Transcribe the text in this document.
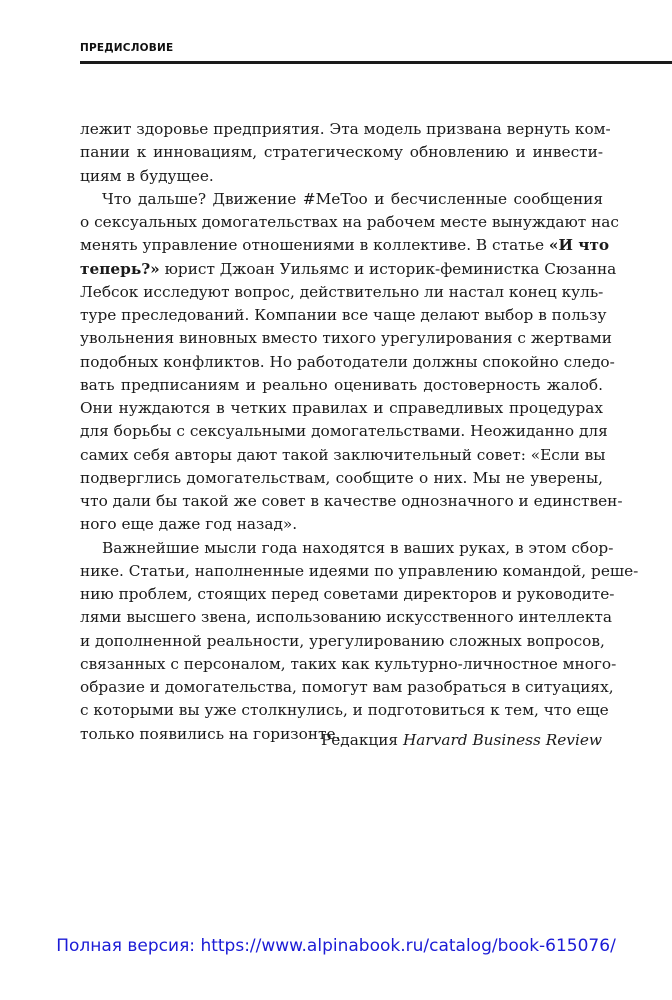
ПРЕДИСЛОВИЕ
лежит здоровье предприятия. Эта модель призвана вернуть ком-
пании к инновациям, стратегическому обновлению и инвести-
циям в будущее.
Что дальше? Движение #MeToo и бесчисленные сообщения
о сексуальных домогательствах на рабочем месте вынуждают нас
менять управление отношениями в коллективе. В статье «И что
теперь?» юрист Джоан Уильямс и историк-феминистка Сюзанна
Лебсок исследуют вопрос, действительно ли настал конец куль-
туре преследований. Компании все чаще делают выбор в пользу
увольнения виновных вместо тихого урегулирования с жертвами
подобных конфликтов. Но работодатели должны спокойно следо-
вать предписаниям и реально оценивать достоверность жалоб.
Они нуждаются в четких правилах и справедливых процедурах
для борьбы с сексуальными домогательствами. Неожиданно для
самих себя авторы дают такой заключительный совет: «Если вы
подверглись домогательствам, сообщите о них. Мы не уверены,
что дали бы такой же совет в качестве однозначного и единствен-
ного еще даже год назад».
Важнейшие мысли года находятся в ваших руках, в этом сбор-
нике. Статьи, наполненные идеями по управлению командой, реше-
нию проблем, стоящих перед советами директоров и руководите-
лями высшего звена, использованию искусственного интеллекта
и дополненной реальности, урегулированию сложных вопросов,
связанных с персоналом, таких как культурно-личностное много-
образие и домогательства, помогут вам разобраться в ситуациях,
с которыми вы уже столкнулись, и подготовиться к тем, что еще
только появились на горизонте.
Редакция Harvard Business Review
Полная версия: https://www.alpinabook.ru/catalog/book-615076/
